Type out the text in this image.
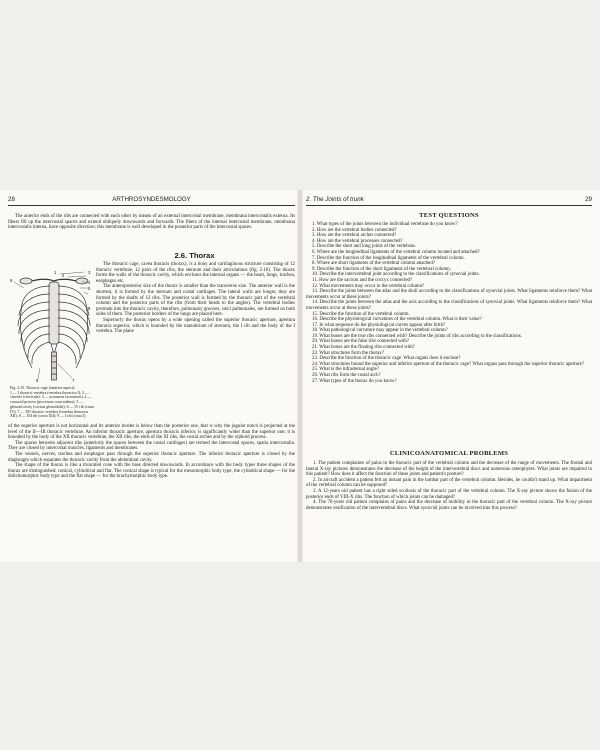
28	ARTHROSYNDESMOLOGY

The anterior ends of the ribs are connected with each other by means of an external intercostal membrane, membrana intercostalis externa. Its fibers fill up the intercostal spaces and extend obliquely downwards and forwards. The fibers of the internal intercostal membrane, membrana intercostalis interna, have opposite direction; this membrane is well developed in the posterior parts of the intercostal spaces.

2.6. Thorax
1
2
3
4
5
6
7
8
9

Fig. 2.10. Thoracic cage (anterior aspect):

1 — I thoracic vertebra (vertebra thoracica I); 2 — clavicle (clavicula); 3 — acromion (acromion); 4 — coracoid process (processus coracoideus); 5 — glenoid cavity (cavitas glenoidalis); 6 — IV rib (costa IV); 7 — XII thoracic vertebra (vertebra thoracica XII); 8 — XII rib (costa XII); 9 — I rib (costa I)

The thoracic cage, cavea thoracis (thorax), is a bony and cartilaginous structure consisting of 12 thoracic vertebrae, 12 pairs of the ribs, the sternum and their articulations (fig. 2.10). The thorax forms the walls of the thoracic cavity, which encloses the internal organs — the heart, lungs, trachea, esophagus etc.

The anteroposterior size of the thorax is smaller than the transverse size. The anterior wall is the shortest, it is formed by the sternum and costal cartilages. The lateral walls are longer, they are formed by the shafts of 12 ribs. The posterior wall is formed by the thoracic part of the vertebral column and the posterior parts of the ribs (from their heads to the angles). The vertebral bodies protrude into the thoracic cavity, therefore, pulmonary grooves, sulci pulmonales, are formed on both sides of them. The posterior borders of the lungs are placed here.

Superiorly the thorax opens by a wide opening called the superior thoracic aperture, apertura thoracis superior, which is bounded by the manubrium of sternum, the I rib and the body of the I vertebra. The plane

of the superior aperture is not horizontal and its anterior border is below than the posterior one, that is why the jugular notch is projected at the level of the II—III thoracic vertebrae. An inferior thoracic aperture, apertura thoracis inferior, is significantly wider than the superior one; it is bounded by the body of the XII thoracic vertebrae, the XII ribs, the ends of the XI ribs, the costal arches and by the xiphoid process.

The spaces between adjacent ribs (anteriorly the spaces between the costal cartilages) are termed the intercostal spaces, spatia intercostalia. They are closed by intercostal muscles, ligaments and membranes.

The vessels, nerves, trachea and esophagus pass through the superior thoracic aperture. The inferior thoracic aperture is closed by the diaphragm which separates the thoracic cavity from the abdominal cavity.

The shape of the thorax is like a truncated cone with the base directed downwards. In accordance with the body types three shapes of the thorax are distinguished: conical, cylindrical and flat. The conical shape is typical for the mesomorphic body type, the cylindrical shape — for the dolichomorphic body type and the flat shape — for the brachymorphic body type.

2. The Joints of trunk	29
TEST QUESTIONS

1. What types of the joints between the individual vertebrae do you know?

2. How are the vertebral bodies connected?

3. How are the vertebral arches connected?

4. How are the vertebral processes connected?

5. Describe the short and long joints of the vertebrae.

6. Where are the longitudinal ligaments of the vertebral column located and attached?

7. Describe the function of the longitudinal ligaments of the vertebral column.

8. Where are short ligaments of the vertebral column attached?

9. Describe the function of the short ligaments of the vertebral column.

10. Describe the intervertebral joint according to the classifications of synovial joints.

11. How are the sacrum and the coccyx connected?

12. What movements may occur in the vertebral column?

13. Describe the joints between the atlas and the skull according to the classifications of synovial joints. What ligaments reinforce them? What movements occur at these joints?

14. Describe the joints between the atlas and the axis according to the classifications of synovial joints. What ligaments reinforce them? What movements occur at these joints?

15. Describe the function of the vertebral column.

16. Describe the physiological curvatures of the vertebral column. What is their value?

17. In what sequence do the physiological curves appear after birth?

18. What pathological curvature may appear in the vertebral column?

19. What bones are the true ribs connected with? Describe the joints of ribs according to the classifications.

20. What bones are the false ribs connected with?

21. What bones are the floating ribs connected with?

22. What structures form the thorax?

23. Describe the function of the thoracic cage. What organs does it enclose?

24. What structures bound the superior and inferior aperture of the thoracic cage? What organs pass through the superior thoracic aperture?

25. What is the infrasternal angle?

26. What ribs form the costal arch?

27. What types of the thorax do you know?

CLINICOANATOMICAL PROBLEMS

1. The patient complaines of pains in the thoracic part of the vertebral column and the decrease of the range of movements. The frontal and lateral X-ray pictures demonstrates the decrease of the height of the intervertebral discs and numerous osteophytes. What joints are impaired in this patient? How does it affect the function of these joints and patient's posture?

2. In aircraft accident a patient felt an instant pain in the lumbar part of the vertebral column. Besides, he couldn't stand up. What impairment of the vertebral column can be supposed?

3. A 12-years old patient has a right sided scoliosis of the thoracic part of the vertebral column. The X-ray picture shows the fusion of the posterior ends of VIII-X ribs. The function of which joints can be damaged?

4. The 70-years old patient complains of pains and the decrease of mobility in the thoracic part of the vertebral column. The X-ray picture demonstrates ossification of the intervertebral discs. What synovial joints can be involved into this process?
